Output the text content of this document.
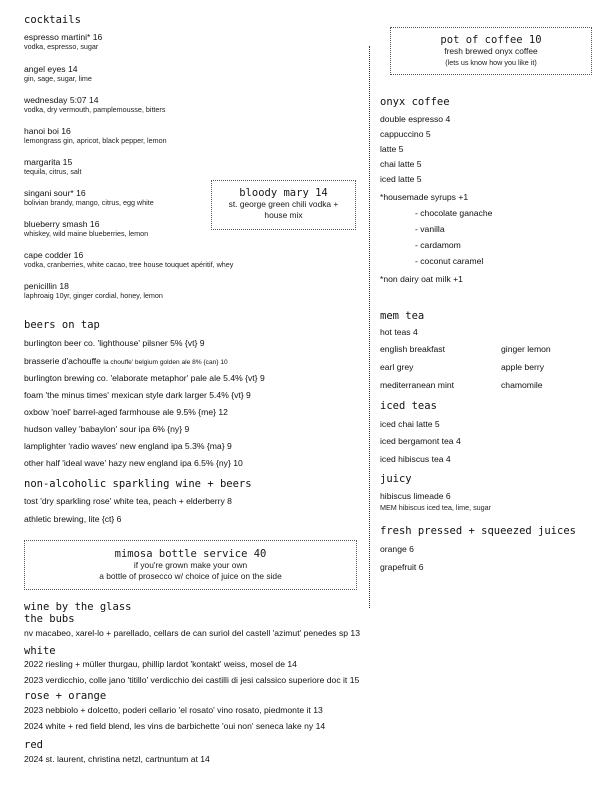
cocktails
espresso martini* 16
vodka, espresso, sugar
angel eyes 14
gin, sage, sugar, lime
wednesday 5:07 14
vodka, dry vermouth, pamplemousse, bitters
hanoi boi 16
lemongrass gin, apricot, black pepper, lemon
margarita 15
tequila, citrus, salt
singani sour* 16
bolivian brandy, mango, citrus, egg white
blueberry smash 16
whiskey, wild maine blueberries, lemon
cape codder 16
vodka, cranberries, white cacao, tree house touquet apéritif, whey
penicillin 18
laphroaig 10yr, ginger cordial, honey, lemon
bloody mary 14
st. george green chili vodka +
house mix
beers on tap
burlington beer co. 'lighthouse' pilsner 5% {vt} 9
brasserie d'achouffe la chouffe' belgium golden ale 8% {can} 10
burlington brewing co. 'elaborate metaphor' pale ale 5.4% {vt} 9
foam 'the minus times' mexican style dark larger 5.4% {vt} 9
oxbow 'noel' barrel-aged farmhouse ale 9.5% {me} 12
hudson valley 'babaylon' sour ipa 6% {ny} 9
lamplighter 'radio waves' new england ipa 5.3% {ma} 9
other half 'ideal wave' hazy new england ipa 6.5% {ny} 10
non-alcoholic sparkling wine + beers
tost 'dry sparkling rose' white tea, peach + elderberry 8
athletic brewing, lite {ct} 6
mimosa bottle service 40
if you're grown make your own
a bottle of prosecco w/ choice of juice on the side
pot of coffee 10
fresh brewed onyx coffee
(lets us know how you like it)
onyx coffee
double espresso 4
cappuccino 5
latte 5
chai latte 5
iced latte 5
*housemade syrups +1
- chocolate ganache
- vanilla
- cardamom
- coconut caramel
*non dairy oat milk +1
mem tea
hot teas 4
english breakfast
earl grey
mediterranean mint
ginger lemon
apple berry
chamomile
iced teas
iced chai latte 5
iced bergamont tea 4
iced hibiscus tea 4
juicy
hibiscus limeade 6
MEM hibiscus iced tea, lime, sugar
fresh pressed + squeezed juices
orange 6
grapefruit 6
wine by the glass
the bubs
nv macabeo, xarel-lo + parellado, cellars de can suriol del castell 'azimut' penedes sp 13
white
2022 riesling + müller thurgau, phillip lardot 'kontakt' weiss, mosel de 14
2023 verdicchio, colle jano 'titillo' verdicchio dei castilli di jesi calssico superiore doc it 15
rose + orange
2023 nebbiolo + dolcetto, poderi cellario 'el rosato' vino rosato, piedmonte it 13
2024 white + red field blend, les vins de barbichette 'oui non' seneca lake ny 14
red
2024 st. laurent, christina netzl, cartnuntum at 14
